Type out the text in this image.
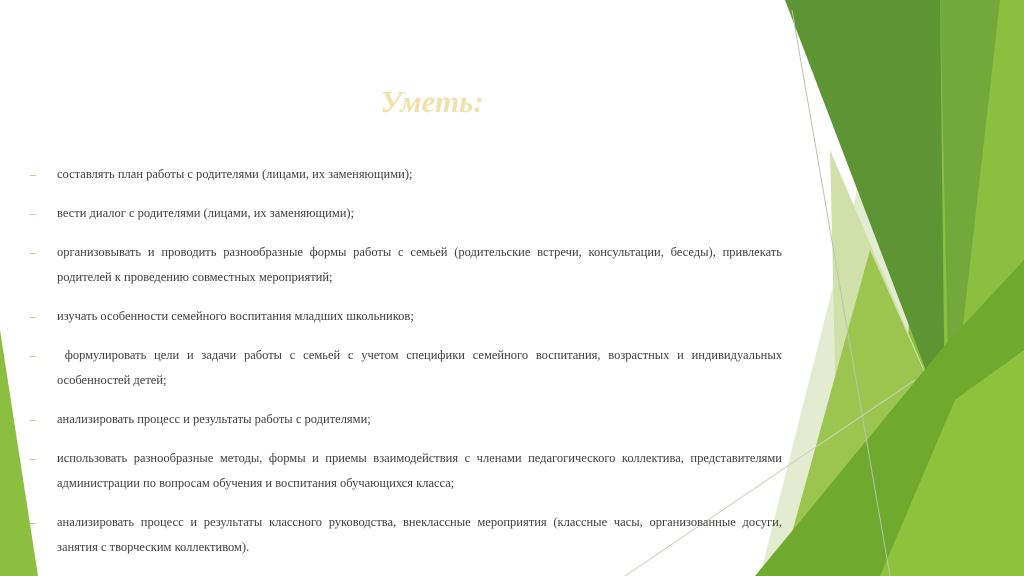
Уметь:
– составлять план работы с родителями (лицами, их заменяющими);
– вести диалог с родителями (лицами, их заменяющими);
– организовывать и проводить разнообразные формы работы с семьей (родительские встречи, консультации, беседы), привлекать родителей к проведению совместных мероприятий;
– изучать особенности семейного воспитания младших школьников;
– формулировать цели и задачи работы с семьей с учетом специфики семейного воспитания, возрастных и индивидуальных особенностей детей;
– анализировать процесс и результаты работы с родителями;
– использовать разнообразные методы, формы и приемы взаимодействия с членами педагогического коллектива, представителями администрации по вопросам обучения и воспитания обучающихся класса;
– анализировать процесс и результаты классного руководства, внеклассные мероприятия (классные часы, организованные досуги, занятия с творческим коллективом).
